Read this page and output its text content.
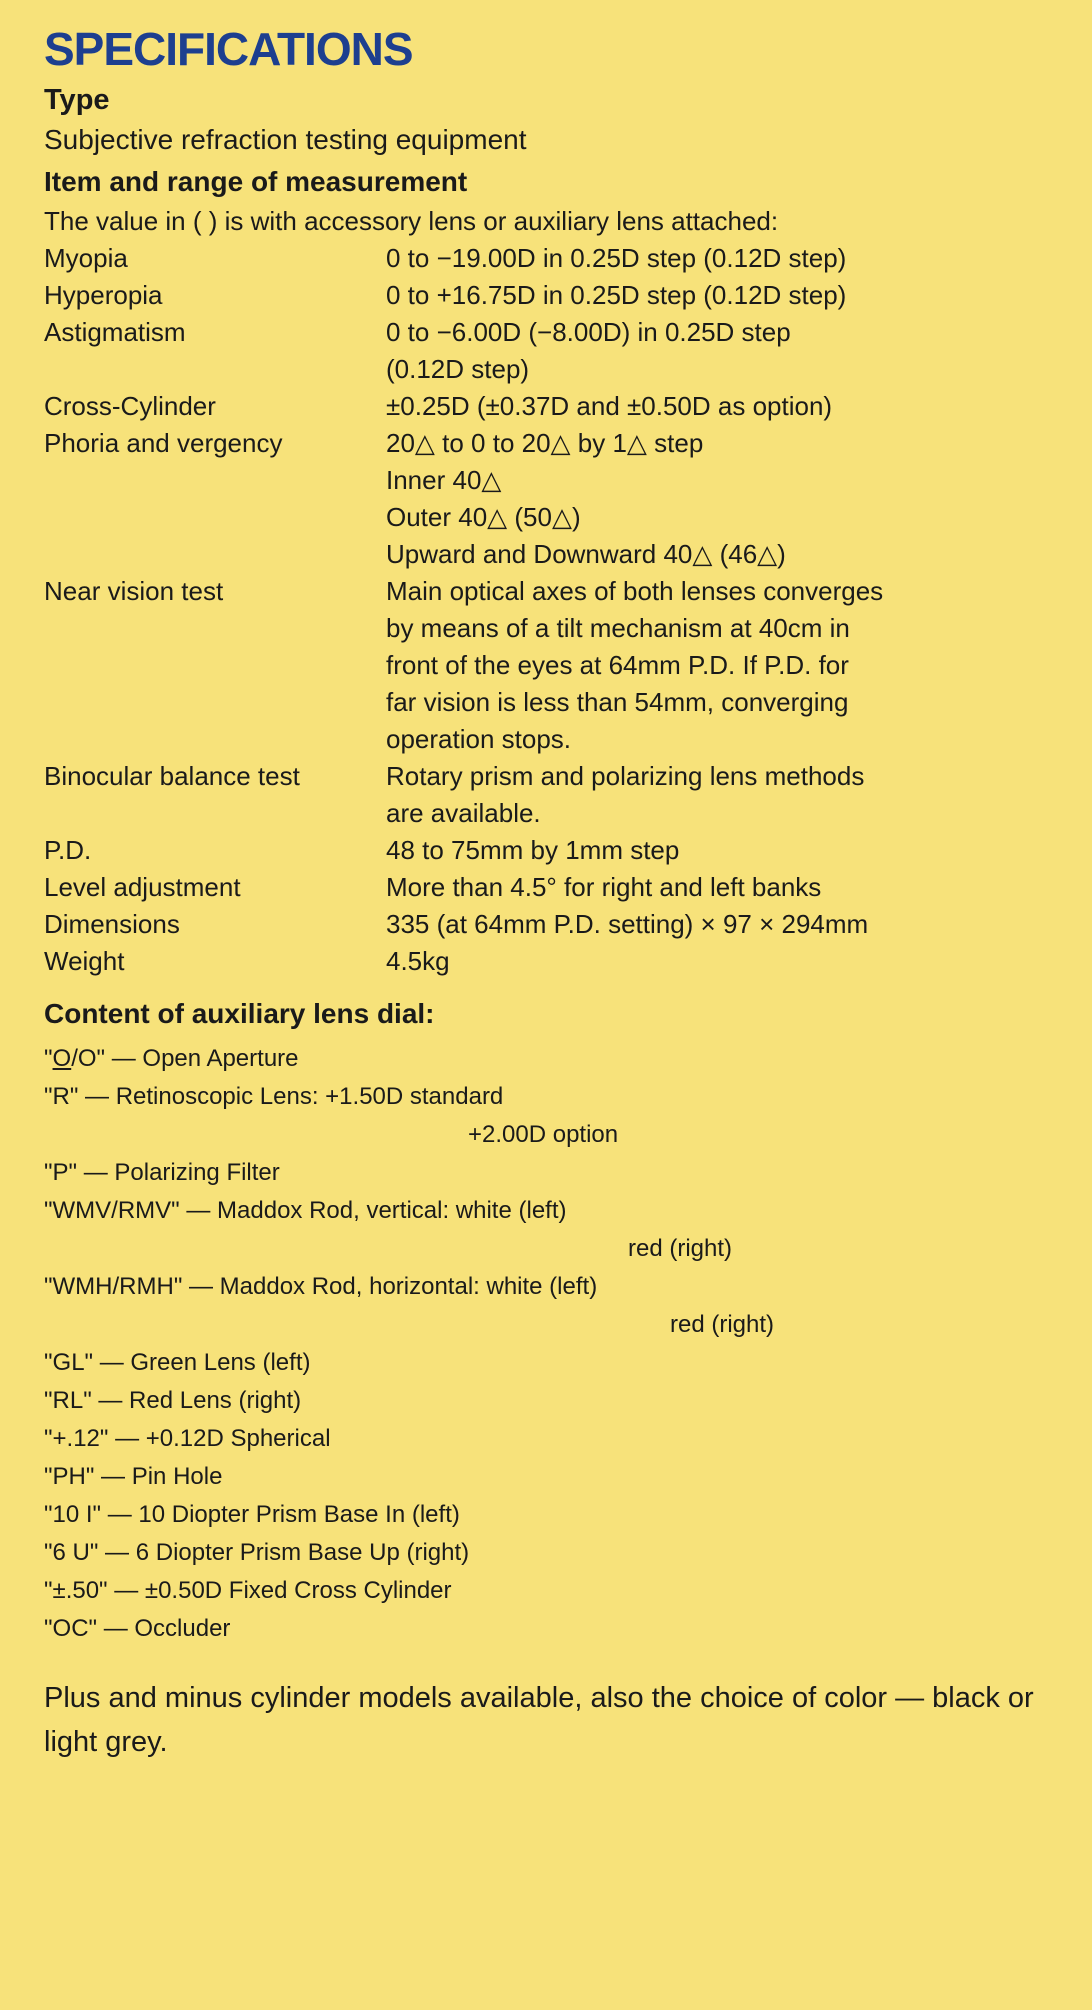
SPECIFICATIONS
Type
Subjective refraction testing equipment
Item and range of measurement
The value in ( ) is with accessory lens or auxiliary lens attached:
Myopia	0 to −19.00D in 0.25D step (0.12D step)
Hyperopia	0 to +16.75D in 0.25D step (0.12D step)
Astigmatism	0 to −6.00D (−8.00D) in 0.25D step
(0.12D step)
Cross-Cylinder	±0.25D (±0.37D and ±0.50D as option)
Phoria and vergency	20△ to 0 to 20△ by 1△ step
Inner 40△
Outer 40△ (50△)
Upward and Downward 40△ (46△)
Near vision test	Main optical axes of both lenses converges
by means of a tilt mechanism at 40cm in
front of the eyes at 64mm P.D. If P.D. for
far vision is less than 54mm, converging
operation stops.
Binocular balance test	Rotary prism and polarizing lens methods
are available.
P.D.	48 to 75mm by 1mm step
Level adjustment	More than 4.5° for right and left banks
Dimensions	335 (at 64mm P.D. setting) × 97 × 294mm
Weight	4.5kg
Content of auxiliary lens dial:
"O/O" — Open Aperture
"R" — Retinoscopic Lens: +1.50D standard
+2.00D option
"P" — Polarizing Filter
"WMV/RMV" — Maddox Rod, vertical: white (left)
red (right)
"WMH/RMH" — Maddox Rod, horizontal: white (left)
red (right)
"GL" — Green Lens (left)
"RL" — Red Lens (right)
"+.12" — +0.12D Spherical
"PH" — Pin Hole
"10 I" — 10 Diopter Prism Base In (left)
"6 U" — 6 Diopter Prism Base Up (right)
"±.50" — ±0.50D Fixed Cross Cylinder
"OC" — Occluder
Plus and minus cylinder models available, also the choice of color — black or light grey.
